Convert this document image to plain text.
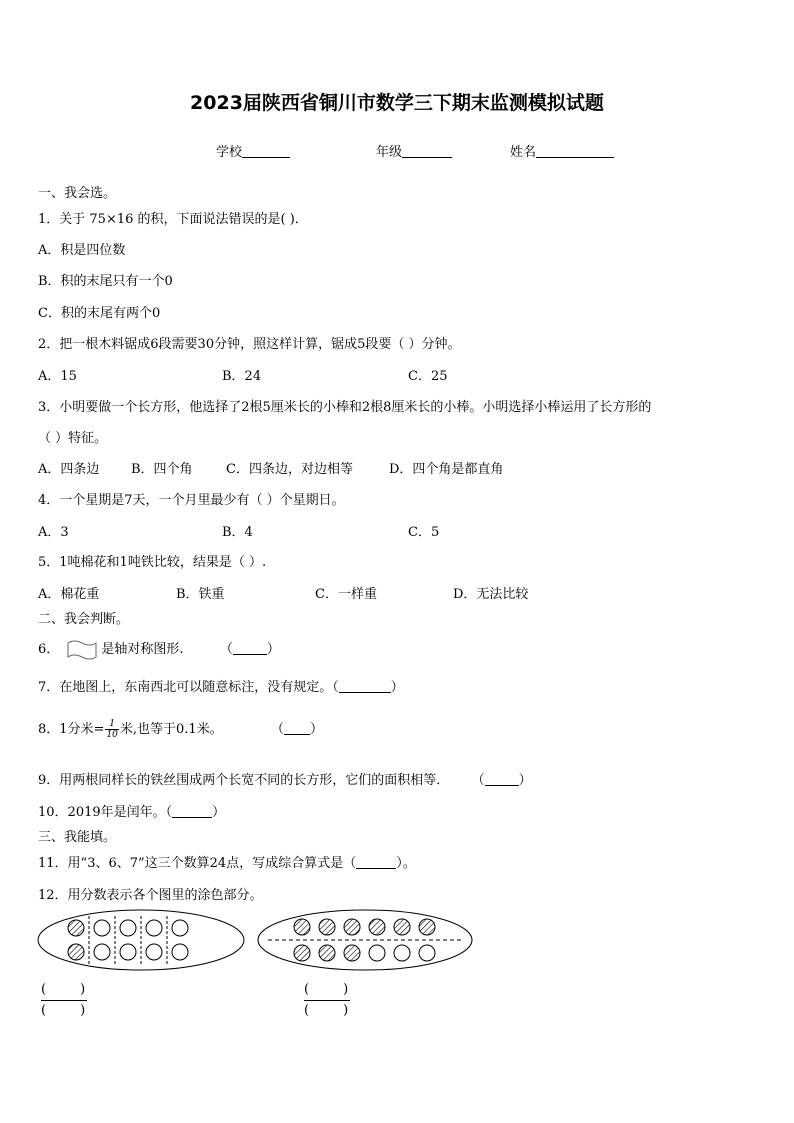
2023届陕西省铜川市数学三下期末监测模拟试题
学校	年级	姓名
一、我会选。
1．关于 75×16 的积，下面说法错误的是( )．
A．积是四位数
B．积的末尾只有一个0
C．积的末尾有两个0
2．把一根木料锯成6段需要30分钟，照这样计算，锯成5段要（ ）分钟。
A．15	B．24	C．25
3．小明要做一个长方形，他选择了2根5厘米长的小棒和2根8厘米长的小棒。小明选择小棒运用了长方形的
（ ）特征。
A．四条边 B．四个角	C．四条边，对边相等	D．四个角是都直角
4．一个星期是7天，一个月里最少有（ ）个星期日。
A．3	B．4	C．5
5．1吨棉花和1吨铁比较，结果是（ ）.
A．棉花重	B．铁重	C．一样重	D．无法比较
二、我会判断。
6．	是轴对称图形.	（	）
7．在地图上，东南西北可以随意标注，没有规定。（	）
8．1分米= $\frac{1}{10}$ 米,也等于0.1米。	（ ）
9．用两根同样长的铁丝围成两个长宽不同的长方形，它们的面积相等． （	）
10．2019年是闰年。（	）
三、我能填。
11．用“3、6、7”这三个数算24点，写成综合算式是（	）。
12．用分数表示各个图里的涂色部分。
(	)
(	)
(	)
(	)
